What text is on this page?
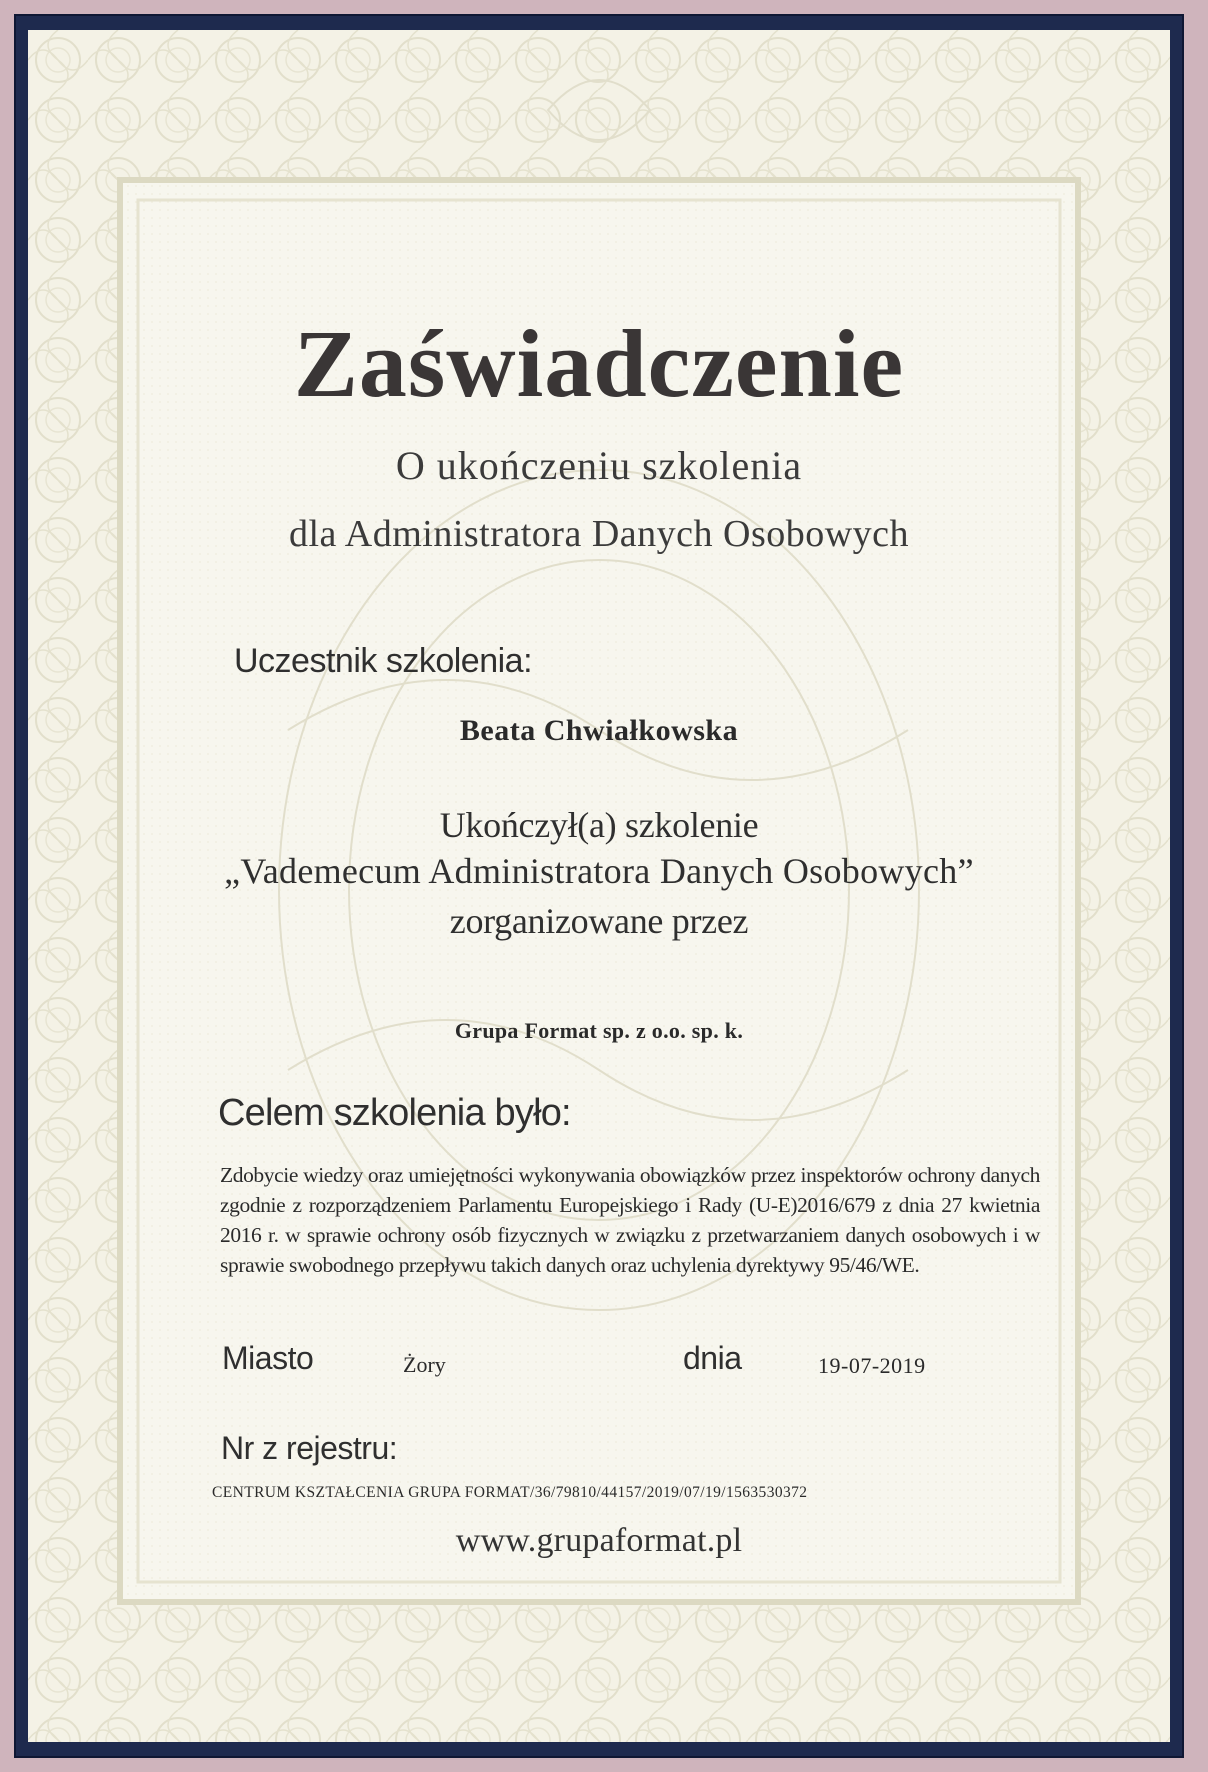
Zaświadczenie
O ukończeniu szkolenia
dla Administratora Danych Osobowych
Uczestnik szkolenia:
Beata Chwiałkowska
Ukończył(a) szkolenie
„Vademecum Administratora Danych Osobowych”
zorganizowane przez
Grupa Format sp. z o.o. sp. k.
Celem szkolenia było:
Zdobycie wiedzy oraz umiejętności wykonywania obowiązków przez inspektorów ochrony danych zgodnie z rozporządzeniem Parlamentu Europejskiego i Rady (U-E)2016/679 z dnia 27 kwietnia 2016 r. w sprawie ochrony osób fizycznych w związku z przetwarzaniem danych osobowych i w sprawie swobodnego przepływu takich danych oraz uchylenia dyrektywy 95/46/WE.
Miasto	Żory	dnia	19-07-2019
Nr z rejestru:
CENTRUM KSZTAŁCENIA GRUPA FORMAT/36/79810/44157/2019/07/19/1563530372
www.grupaformat.pl
